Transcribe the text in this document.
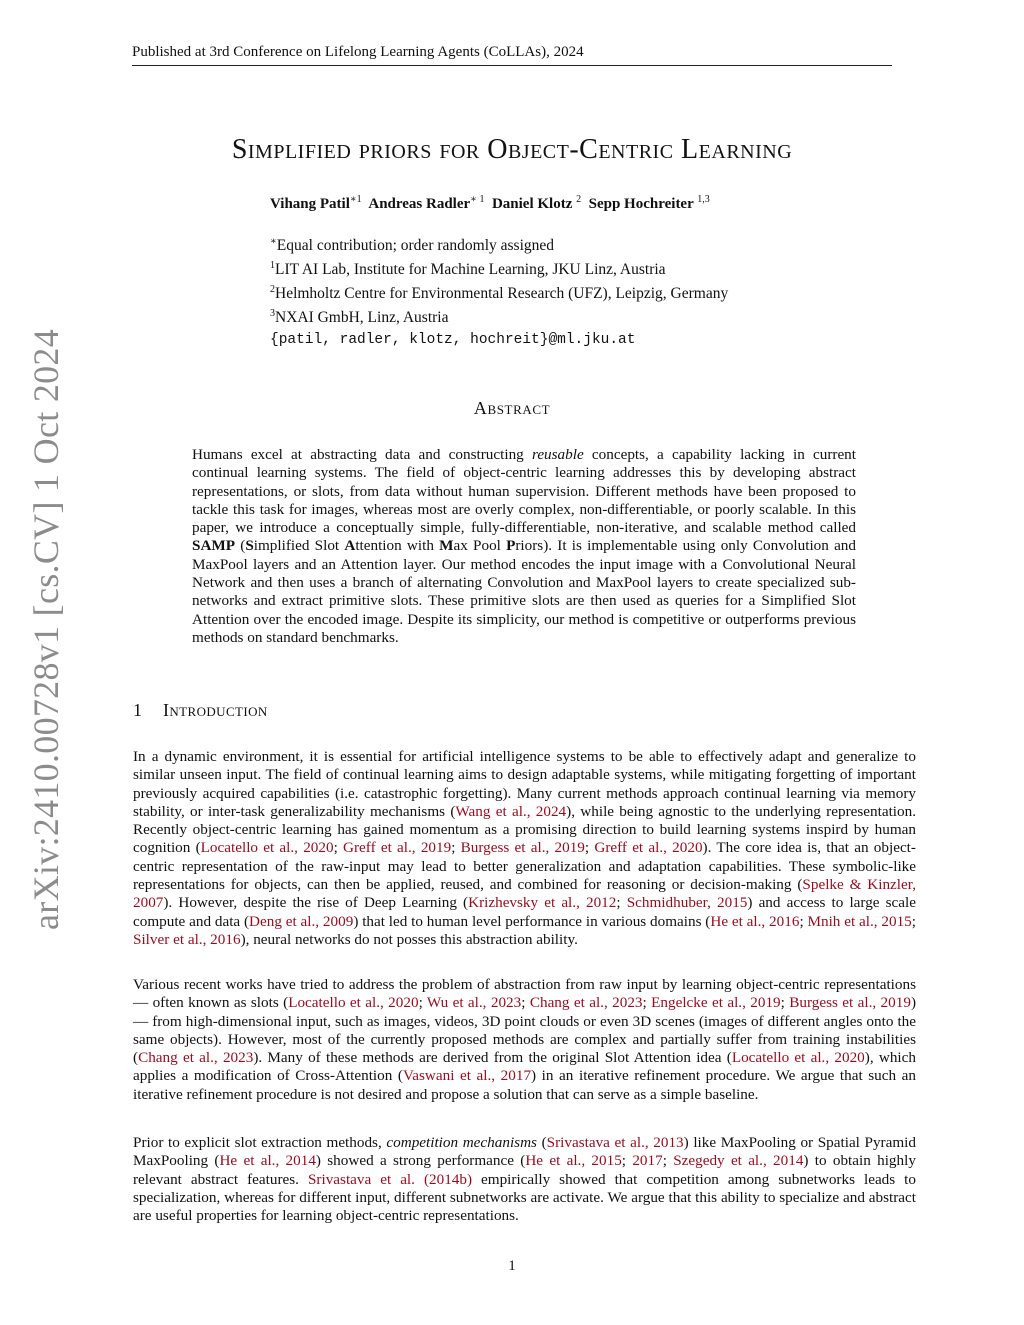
Published at 3rd Conference on Lifelong Learning Agents (CoLLAs), 2024
arXiv:2410.00728v1 [cs.CV] 1 Oct 2024
Simplified priors for Object-Centric Learning
Vihang Patil$^{∗1}$ Andreas Radler$^{∗ 1}$ Daniel Klotz $^2$ Sepp Hochreiter $^{1,3}$
∗Equal contribution; order randomly assigned
$^1$LIT AI Lab, Institute for Machine Learning, JKU Linz, Austria
$^2$Helmholtz Centre for Environmental Research (UFZ), Leipzig, Germany
$^3$NXAI GmbH, Linz, Austria
{patil, radler, klotz, hochreit}@ml.jku.at
Abstract
Humans excel at abstracting data and constructing reusable concepts, a capability lacking in current continual learning systems. The field of object-centric learning addresses this by developing abstract representations, or slots, from data without human supervision. Different methods have been proposed to tackle this task for images, whereas most are overly complex, non-differentiable, or poorly scalable. In this paper, we introduce a conceptually simple, fully-differentiable, non-iterative, and scalable method called SAMP (Simplified Slot Attention with Max Pool Priors). It is implementable using only Convolution and MaxPool layers and an Attention layer. Our method encodes the input image with a Convolutional Neural Network and then uses a branch of alternating Convolution and MaxPool layers to create specialized sub-networks and extract primitive slots. These primitive slots are then used as queries for a Simplified Slot Attention over the encoded image. Despite its simplicity, our method is competitive or outperforms previous methods on standard benchmarks.
1 Introduction

In a dynamic environment, it is essential for artificial intelligence systems to be able to effectively adapt and generalize to similar unseen input. The field of continual learning aims to design adaptable systems, while mitigating forgetting of important previously acquired capabilities (i.e. catastrophic forgetting). Many current methods approach continual learning via memory stability, or inter-task generalizability mechanisms (Wang et al., 2024), while being agnostic to the underlying representation. Recently object-centric learning has gained momentum as a promising direction to build learning systems inspird by human cognition (Locatello et al., 2020; Greff et al., 2019; Burgess et al., 2019; Greff et al., 2020). The core idea is, that an object-centric representation of the raw-input may lead to better generalization and adaptation capabilities. These symbolic-like representations for objects, can then be applied, reused, and combined for reasoning or decision-making (Spelke & Kinzler, 2007). However, despite the rise of Deep Learning (Krizhevsky et al., 2012; Schmidhuber, 2015) and access to large scale compute and data (Deng et al., 2009) that led to human level performance in various domains (He et al., 2016; Mnih et al., 2015; Silver et al., 2016), neural networks do not posses this abstraction ability.

Various recent works have tried to address the problem of abstraction from raw input by learning object-centric representations — often known as slots (Locatello et al., 2020; Wu et al., 2023; Chang et al., 2023; Engelcke et al., 2019; Burgess et al., 2019) — from high-dimensional input, such as images, videos, 3D point clouds or even 3D scenes (images of different angles onto the same objects). However, most of the currently proposed methods are complex and partially suffer from training instabilities (Chang et al., 2023). Many of these methods are derived from the original Slot Attention idea (Locatello et al., 2020), which applies a modification of Cross-Attention (Vaswani et al., 2017) in an iterative refinement procedure. We argue that such an iterative refinement procedure is not desired and propose a solution that can serve as a simple baseline.

Prior to explicit slot extraction methods, competition mechanisms (Srivastava et al., 2013) like MaxPooling or Spatial Pyramid MaxPooling (He et al., 2014) showed a strong performance (He et al., 2015; 2017; Szegedy et al., 2014) to obtain highly relevant abstract features. Srivastava et al. (2014b) empirically showed that competition among subnetworks leads to specialization, whereas for different input, different subnetworks are activate. We argue that this ability to specialize and abstract are useful properties for learning object-centric representations.

1
